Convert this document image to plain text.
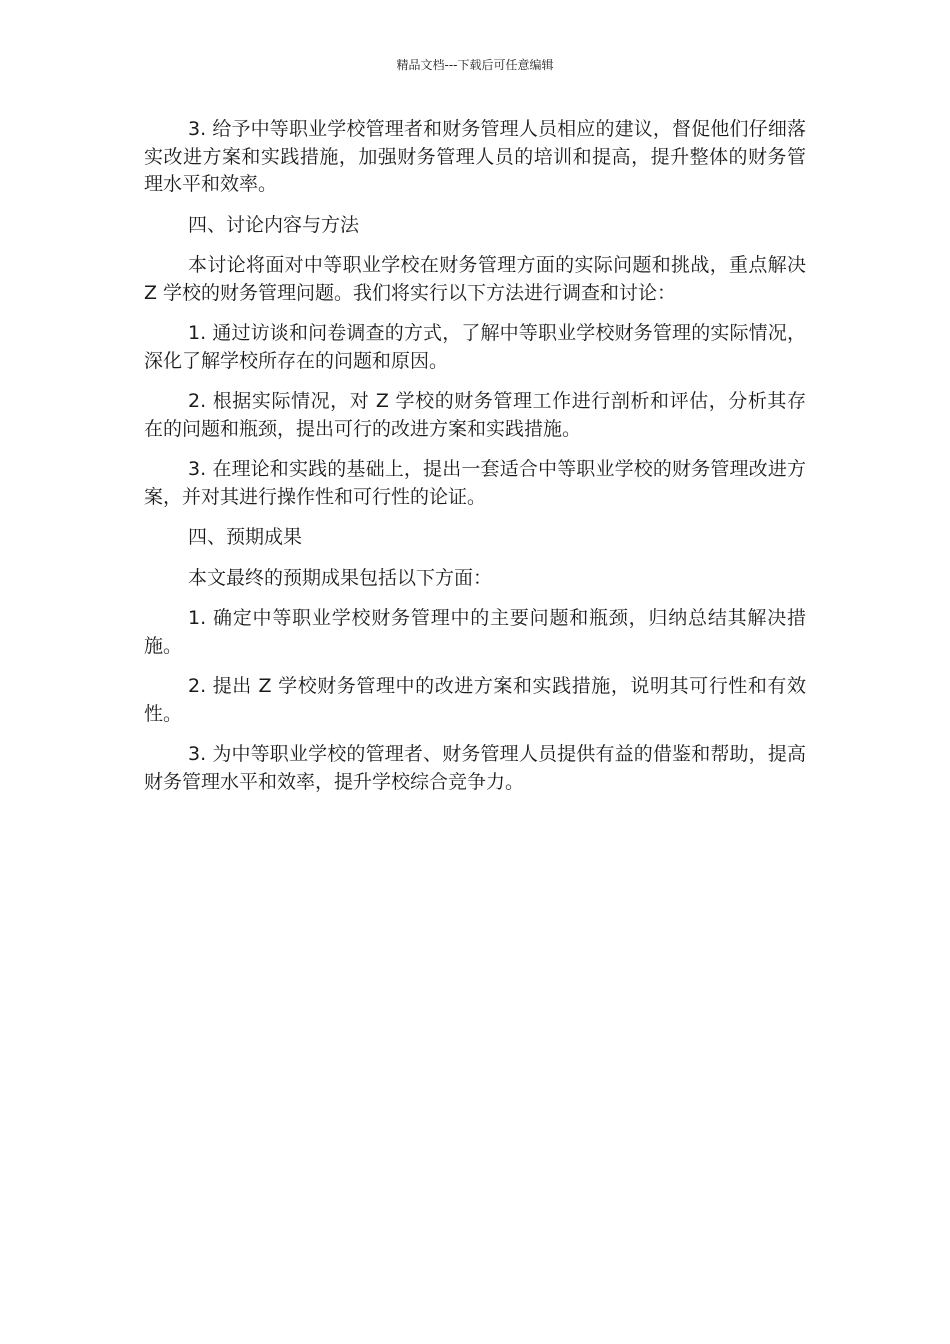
精品文档---下载后可任意编辑

3. 给予中等职业学校管理者和财务管理人员相应的建议，督促他们仔细落实改进方案和实践措施，加强财务管理人员的培训和提高，提升整体的财务管理水平和效率。

四、讨论内容与方法

本讨论将面对中等职业学校在财务管理方面的实际问题和挑战，重点解决 Z 学校的财务管理问题。我们将实行以下方法进行调查和讨论：

1. 通过访谈和问卷调查的方式，了解中等职业学校财务管理的实际情况，深化了解学校所存在的问题和原因。

2. 根据实际情况，对 Z 学校的财务管理工作进行剖析和评估，分析其存在的问题和瓶颈，提出可行的改进方案和实践措施。

3. 在理论和实践的基础上，提出一套适合中等职业学校的财务管理改进方案，并对其进行操作性和可行性的论证。

四、预期成果

本文最终的预期成果包括以下方面：

1. 确定中等职业学校财务管理中的主要问题和瓶颈，归纳总结其解决措施。

2. 提出 Z 学校财务管理中的改进方案和实践措施，说明其可行性和有效性。

3. 为中等职业学校的管理者、财务管理人员提供有益的借鉴和帮助，提高财务管理水平和效率，提升学校综合竞争力。
